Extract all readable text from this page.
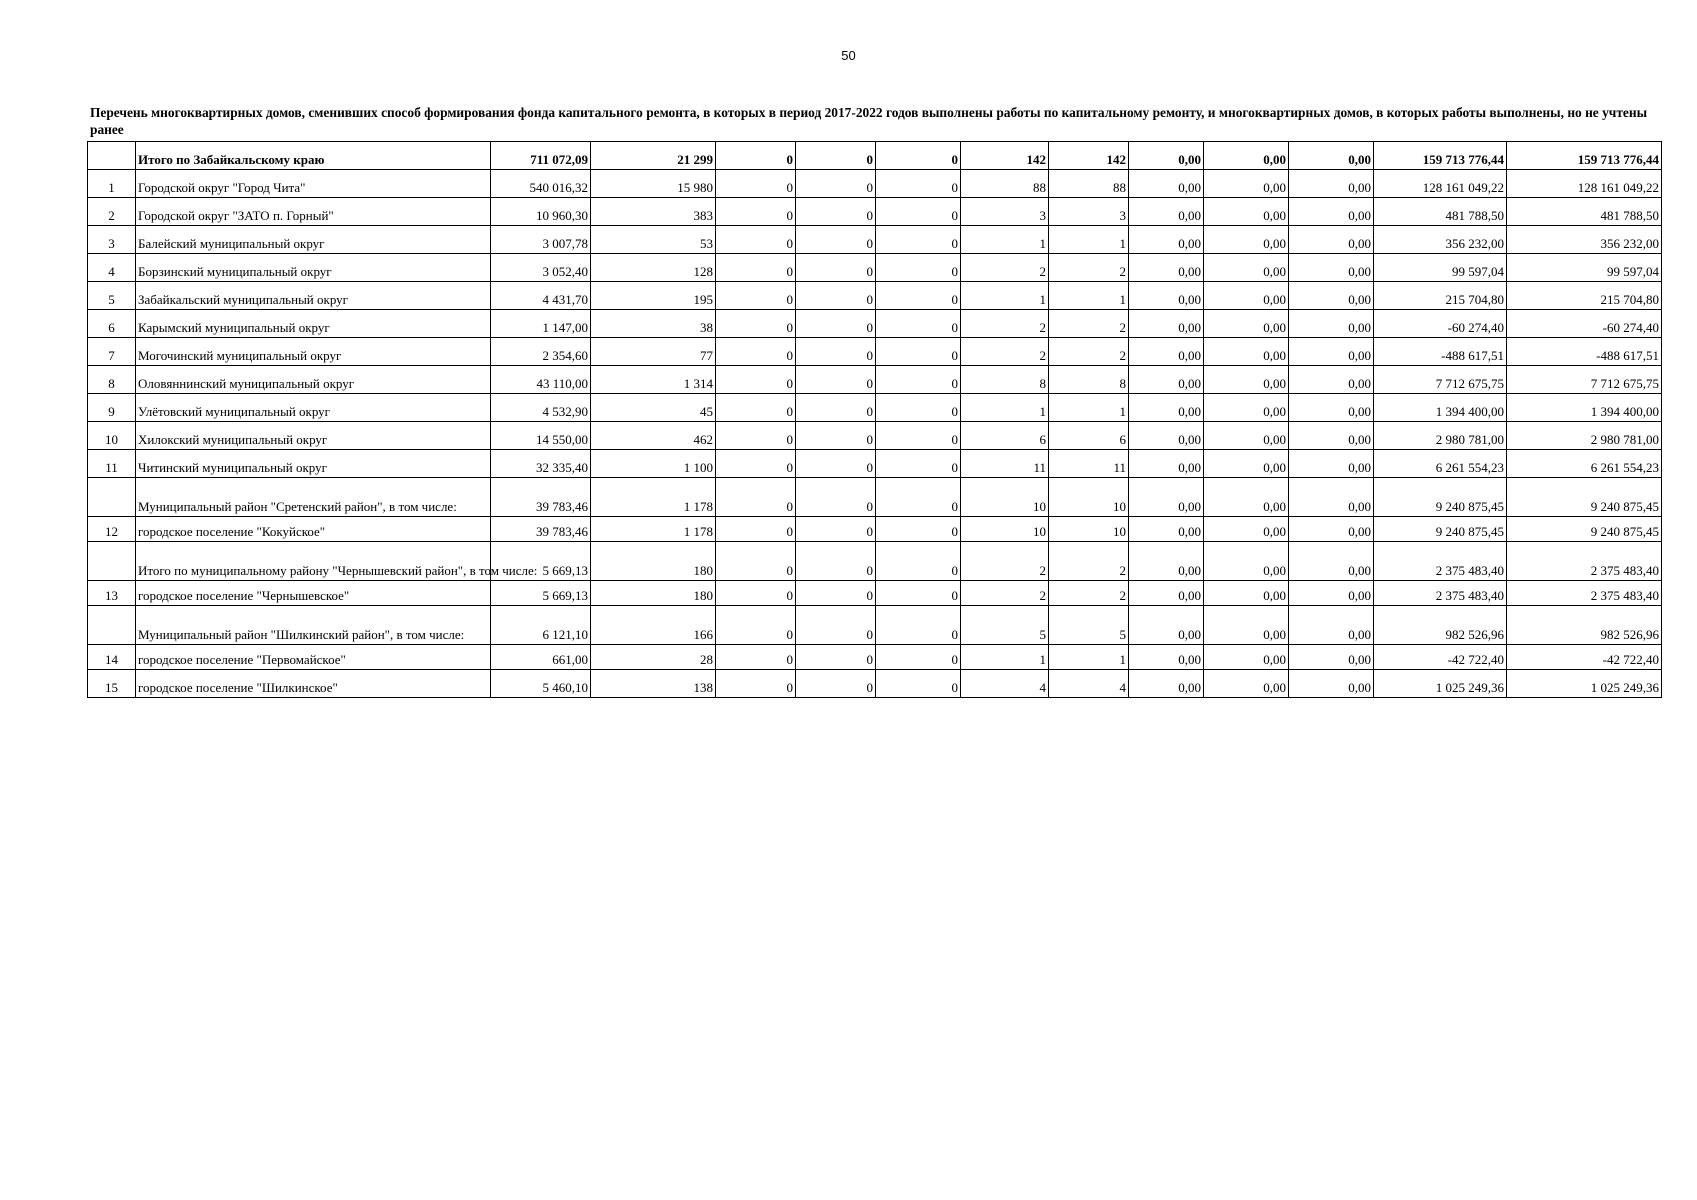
50
Перечень многоквартирных домов, сменивших способ формирования фонда капитального ремонта, в которых в период 2017-2022 годов выполнены работы по капитальному ремонту, и многоквартирных домов, в которых работы выполнены, но не учтены ранее
	Итого по Забайкальскому краю	711 072,09	21 299	0	0	0	142	142	0,00	0,00	0,00	159 713 776,44	159 713 776,44
1	Городской округ "Город Чита"	540 016,32	15 980	0	0	0	88	88	0,00	0,00	0,00	128 161 049,22	128 161 049,22
2	Городской округ "ЗАТО п. Горный"	10 960,30	383	0	0	0	3	3	0,00	0,00	0,00	481 788,50	481 788,50
3	Балейский муниципальный округ	3 007,78	53	0	0	0	1	1	0,00	0,00	0,00	356 232,00	356 232,00
4	Борзинский муниципальный округ	3 052,40	128	0	0	0	2	2	0,00	0,00	0,00	99 597,04	99 597,04
5	Забайкальский муниципальный округ	4 431,70	195	0	0	0	1	1	0,00	0,00	0,00	215 704,80	215 704,80
6	Карымский муниципальный округ	1 147,00	38	0	0	0	2	2	0,00	0,00	0,00	-60 274,40	-60 274,40
7	Могочинский муниципальный округ	2 354,60	77	0	0	0	2	2	0,00	0,00	0,00	-488 617,51	-488 617,51
8	Оловяннинский муниципальный округ	43 110,00	1 314	0	0	0	8	8	0,00	0,00	0,00	7 712 675,75	7 712 675,75
9	Улётовский муниципальный округ	4 532,90	45	0	0	0	1	1	0,00	0,00	0,00	1 394 400,00	1 394 400,00
10	Хилокский муниципальный округ	14 550,00	462	0	0	0	6	6	0,00	0,00	0,00	2 980 781,00	2 980 781,00
11	Читинский муниципальный округ	32 335,40	1 100	0	0	0	11	11	0,00	0,00	0,00	6 261 554,23	6 261 554,23
	Муниципальный район "Сретенский район", в том числе:	39 783,46	1 178	0	0	0	10	10	0,00	0,00	0,00	9 240 875,45	9 240 875,45
12	городское поселение "Кокуйское"	39 783,46	1 178	0	0	0	10	10	0,00	0,00	0,00	9 240 875,45	9 240 875,45
	Итого по муниципальному району "Чернышевский район", в том числе:	5 669,13	180	0	0	0	2	2	0,00	0,00	0,00	2 375 483,40	2 375 483,40
13	городское поселение "Чернышевское"	5 669,13	180	0	0	0	2	2	0,00	0,00	0,00	2 375 483,40	2 375 483,40
	Муниципальный район "Шилкинский район", в том числе:	6 121,10	166	0	0	0	5	5	0,00	0,00	0,00	982 526,96	982 526,96
14	городское поселение "Первомайское"	661,00	28	0	0	0	1	1	0,00	0,00	0,00	-42 722,40	-42 722,40
15	городское поселение "Шилкинское"	5 460,10	138	0	0	0	4	4	0,00	0,00	0,00	1 025 249,36	1 025 249,36
